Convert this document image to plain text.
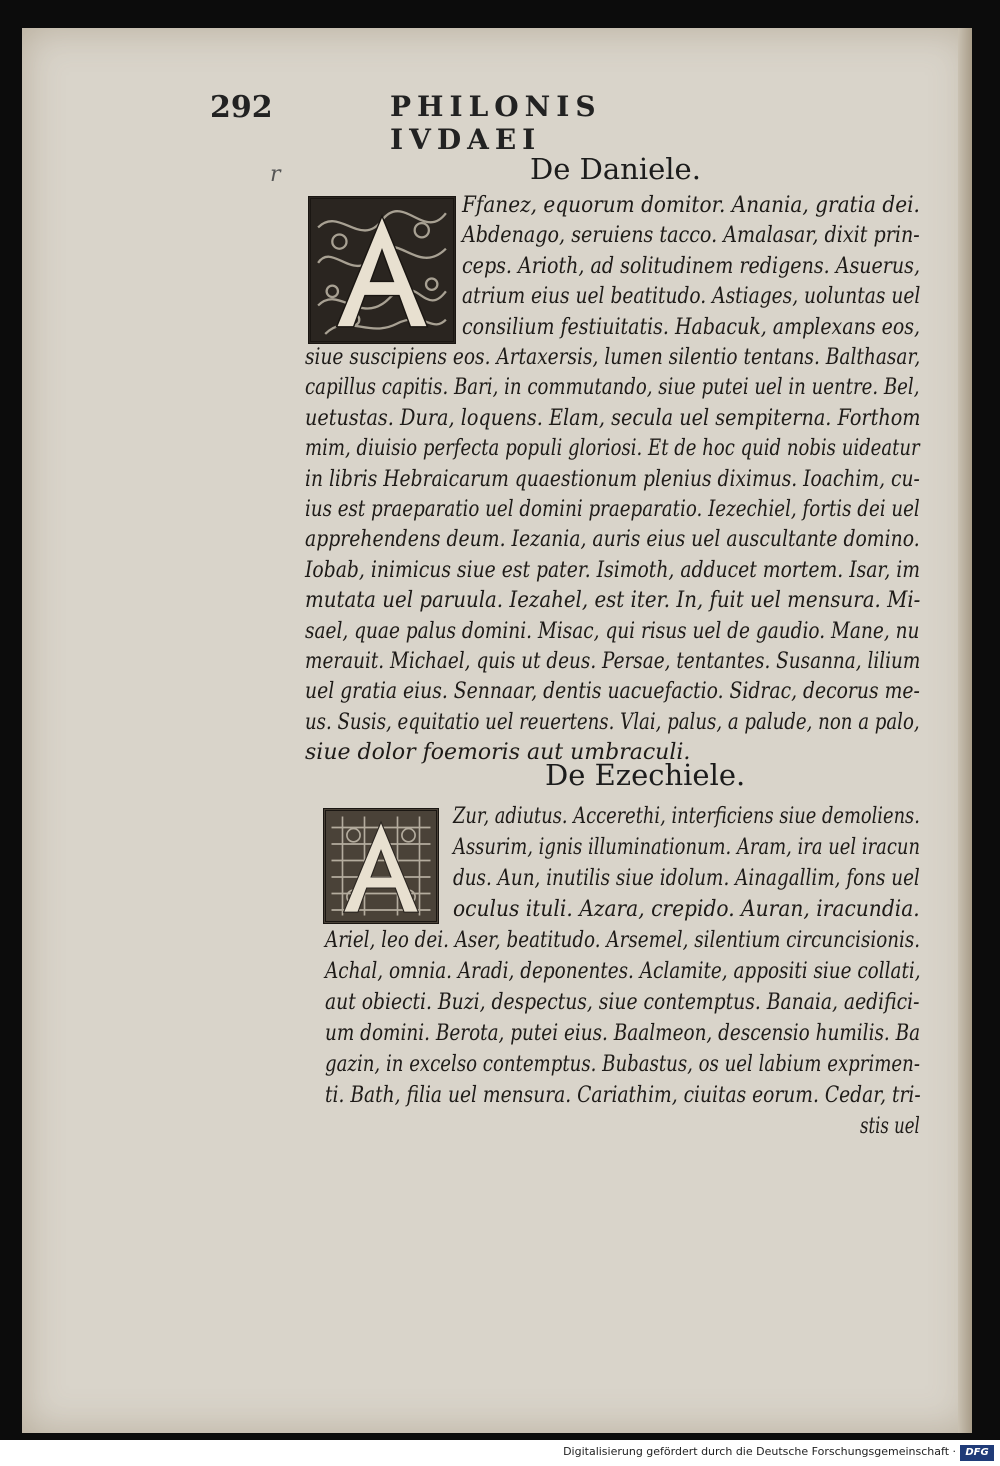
292	PHILONIS IVDAEI
r	De Daniele.
Ffanez, equorum domitor. Anania, gratia dei.
Abdenago, seruiens tacco. Amalasar, dixit prin-
ceps. Arioth, ad solitudinem redigens. Asuerus,
atrium eius uel beatitudo. Astiages, uoluntas uel
consilium festiuitatis. Habacuk, amplexans eos,
siue suscipiens eos. Artaxersis, lumen silentio tentans. Balthasar,
capillus capitis. Bari, in commutando, siue putei uel in uentre. Bel,
uetustas. Dura, loquens. Elam, secula uel sempiterna. Forthom
mim, diuisio perfecta populi gloriosi. Et de hoc quid nobis uideatur
in libris Hebraicarum quaestionum plenius diximus. Ioachim, cu-
ius est praeparatio uel domini praeparatio. Iezechiel, fortis dei uel
apprehendens deum. Iezania, auris eius uel auscultante domino.
Iobab, inimicus siue est pater. Isimoth, adducet mortem. Isar, im
mutata uel paruula. Iezahel, est iter. In, fuit uel mensura. Mi-
sael, quae palus domini. Misac, qui risus uel de gaudio. Mane, nu
merauit. Michael, quis ut deus. Persae, tentantes. Susanna, lilium
uel gratia eius. Sennaar, dentis uacuefactio. Sidrac, decorus me-
us. Susis, equitatio uel reuertens. Vlai, palus, a palude, non a palo,
siue dolor foemoris aut umbraculi.
De Ezechiele.
Zur, adiutus. Accerethi, interficiens siue demoliens.
Assurim, ignis illuminationum. Aram, ira uel iracun
dus. Aun, inutilis siue idolum. Ainagallim, fons uel
oculus ituli. Azara, crepido. Auran, iracundia.
Ariel, leo dei. Aser, beatitudo. Arsemel, silentium circuncisionis.
Achal, omnia. Aradi, deponentes. Aclamite, appositi siue collati,
aut obiecti. Buzi, despectus, siue contemptus. Banaia, aedifici-
um domini. Berota, putei eius. Baalmeon, descensio humilis. Ba
gazin, in excelso contemptus. Bubastus, os uel labium exprimen-
ti. Bath, filia uel mensura. Cariathim, ciuitas eorum. Cedar, tri-
stis uel
Digitalisierung gefördert durch die Deutsche Forschungsgemeinschaft · DFG
